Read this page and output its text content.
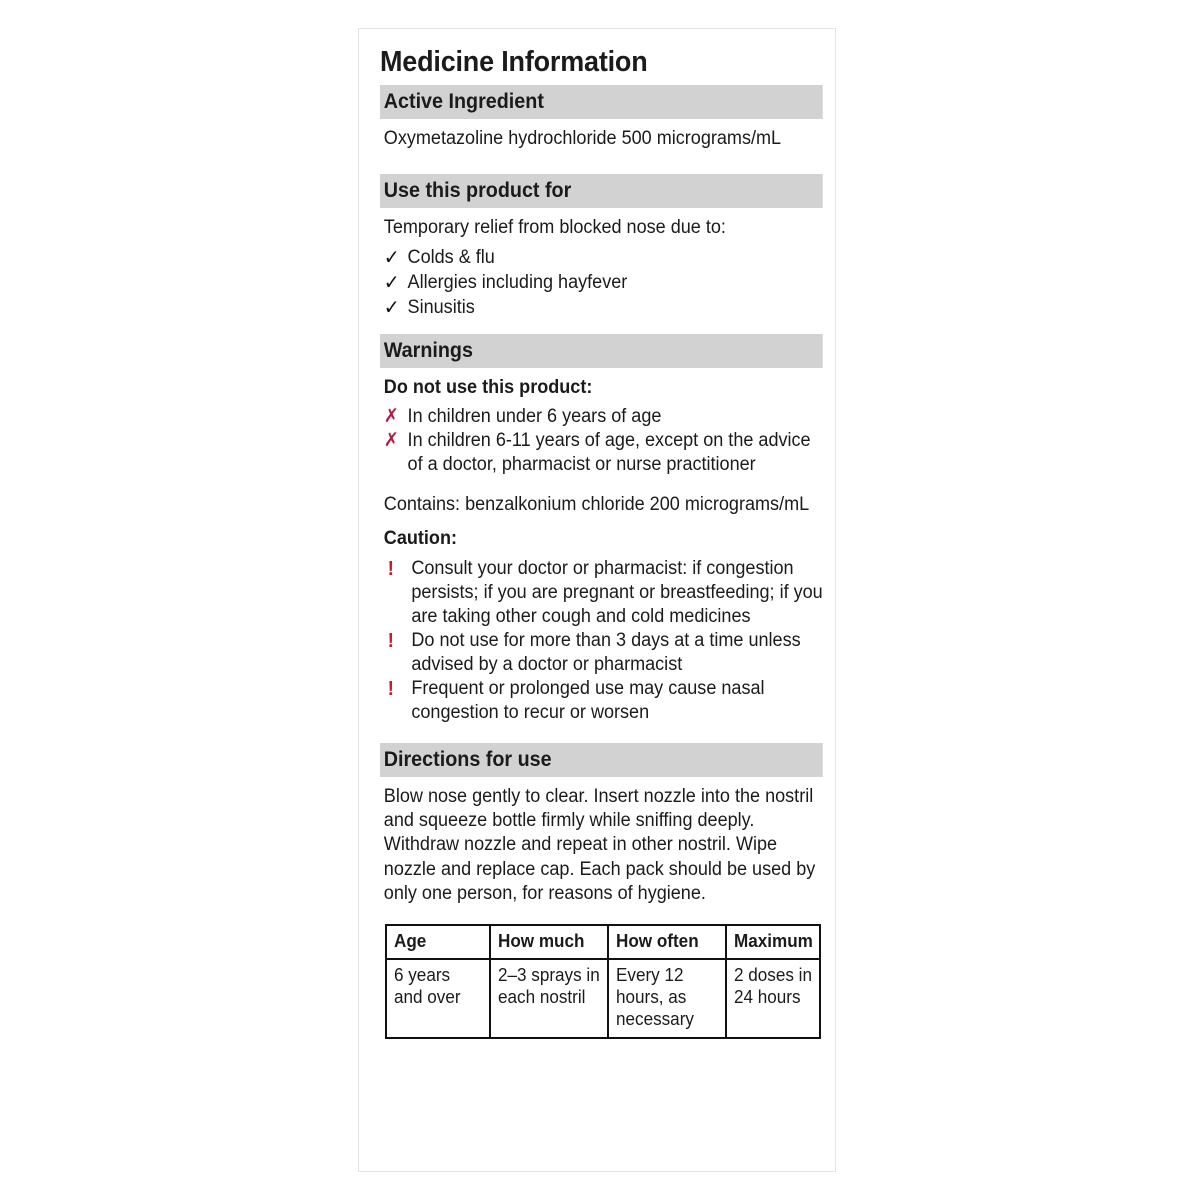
Medicine Information
Active Ingredient
Oxymetazoline hydrochloride 500 micrograms/mL
Use this product for
Temporary relief from blocked nose due to:
✓ Colds & flu
✓ Allergies including hayfever
✓ Sinusitis
Warnings
Do not use this product:
✗ In children under 6 years of age
✗ In children 6-11 years of age, except on the advice of a doctor, pharmacist or nurse practitioner
Contains: benzalkonium chloride 200 micrograms/mL
Caution:
! Consult your doctor or pharmacist: if congestion persists; if you are pregnant or breastfeeding; if you are taking other cough and cold medicines
! Do not use for more than 3 days at a time unless advised by a doctor or pharmacist
! Frequent or prolonged use may cause nasal congestion to recur or worsen
Directions for use
Blow nose gently to clear. Insert nozzle into the nostril and squeeze bottle firmly while sniffing deeply. Withdraw nozzle and repeat in other nostril. Wipe nozzle and replace cap. Each pack should be used by only one person, for reasons of hygiene.
Age	How much	How often	Maximum

6 years and over	2–3 sprays in each nostril	Every 12 hours, as necessary	2 doses in 24 hours
